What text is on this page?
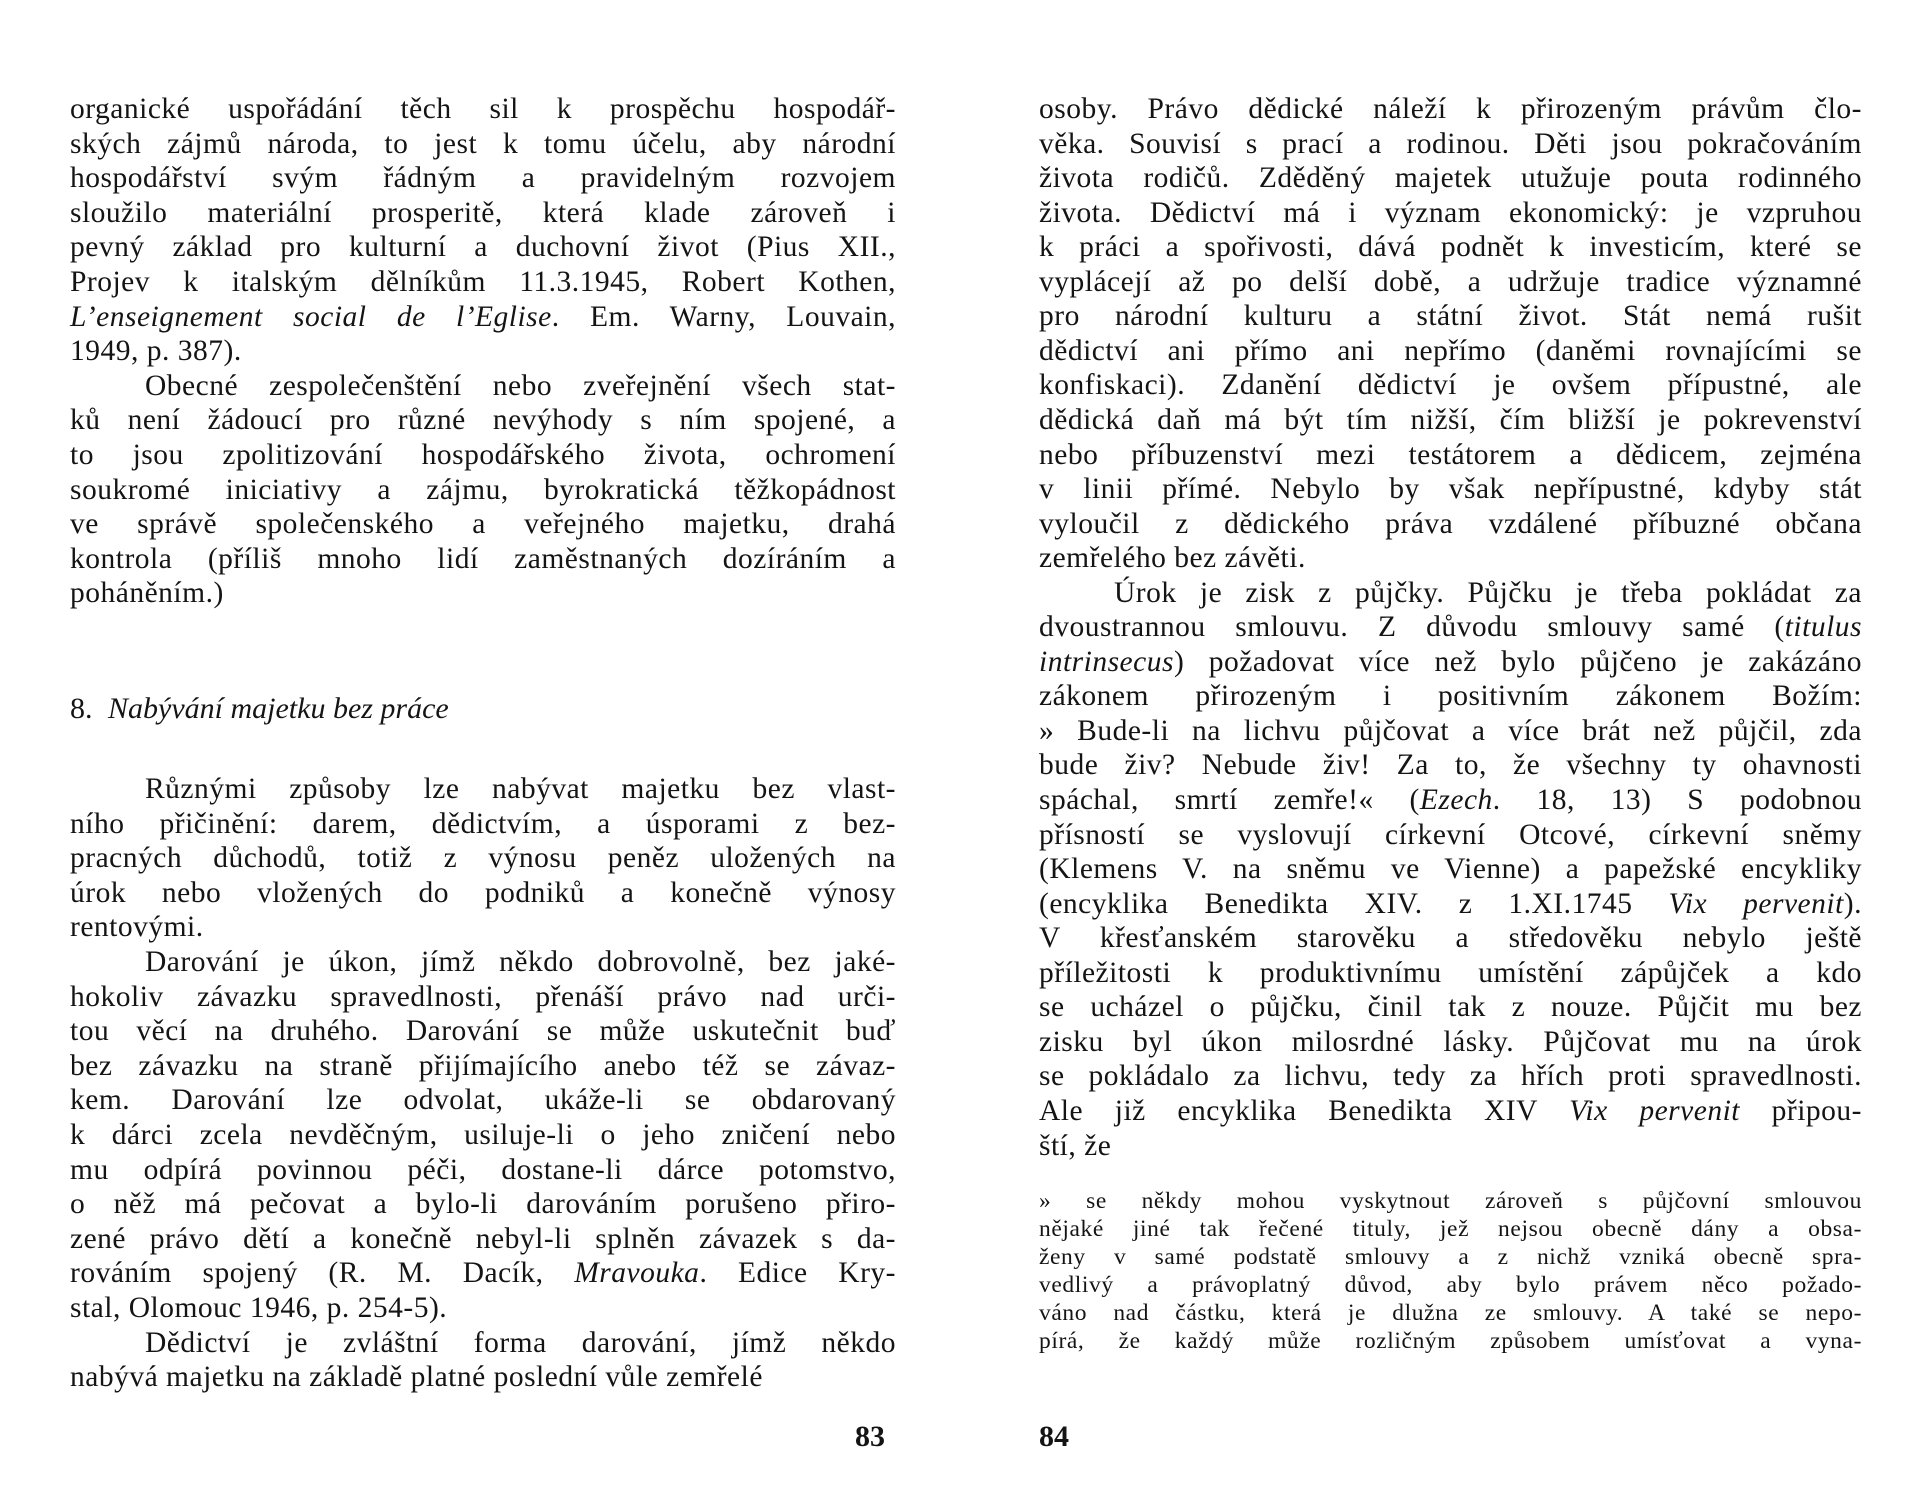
organické uspořádání těch sil k prospěchu hospodář-
ských zájmů národa, to jest k tomu účelu, aby národní
hospodářství svým řádným a pravidelným rozvojem
sloužilo materiální prosperitě, která klade zároveň i
pevný základ pro kulturní a duchovní život (Pius XII.,
Projev k italským dělníkům 11.3.1945, Robert Kothen,
L’enseignement social de l’Eglise. Em. Warny, Louvain,
1949, p. 387).
Obecné zespolečenštění nebo zveřejnění všech stat-
ků není žádoucí pro různé nevýhody s ním spojené, a
to jsou zpolitizování hospodářského života, ochromení
soukromé iniciativy a zájmu, byrokratická těžkopádnost
ve správě společenského a veřejného majetku, drahá
kontrola (příliš mnoho lidí zaměstnaných dozíráním a
poháněním.)
8. Nabývání majetku bez práce
Různými způsoby lze nabývat majetku bez vlast-
ního přičinění: darem, dědictvím, a úsporami z bez-
pracných důchodů, totiž z výnosu peněz uložených na
úrok nebo vložených do podniků a konečně výnosy
rentovými.
Darování je úkon, jímž někdo dobrovolně, bez jaké-
hokoliv závazku spravedlnosti, přenáší právo nad urči-
tou věcí na druhého. Darování se může uskutečnit buď
bez závazku na straně přijímajícího anebo též se závaz-
kem. Darování lze odvolat, ukáže-li se obdarovaný
k dárci zcela nevděčným, usiluje-li o jeho zničení nebo
mu odpírá povinnou péči, dostane-li dárce potomstvo,
o něž má pečovat a bylo-li darováním porušeno přiro-
zené právo dětí a konečně nebyl-li splněn závazek s da-
rováním spojený (R. M. Dacík, Mravouka. Edice Kry-
stal, Olomouc 1946, p. 254-5).
Dědictví je zvláštní forma darování, jímž někdo
nabývá majetku na základě platné poslední vůle zemřelé
83
osoby. Právo dědické náleží k přirozeným právům člo-
věka. Souvisí s prací a rodinou. Děti jsou pokračováním
života rodičů. Zděděný majetek utužuje pouta rodinného
života. Dědictví má i význam ekonomický: je vzpruhou
k práci a spořivosti, dává podnět k investicím, které se
vyplácejí až po delší době, a udržuje tradice významné
pro národní kulturu a státní život. Stát nemá rušit
dědictví ani přímo ani nepřímo (daněmi rovnajícími se
konfiskaci). Zdanění dědictví je ovšem přípustné, ale
dědická daň má být tím nižší, čím bližší je pokrevenství
nebo příbuzenství mezi testátorem a dědicem, zejména
v linii přímé. Nebylo by však nepřípustné, kdyby stát
vyloučil z dědického práva vzdálené příbuzné občana
zemřelého bez závěti.
Úrok je zisk z půjčky. Půjčku je třeba pokládat za
dvoustrannou smlouvu. Z důvodu smlouvy samé (titulus
intrinsecus) požadovat více než bylo půjčeno je zakázáno
zákonem přirozeným i positivním zákonem Božím:
» Bude-li na lichvu půjčovat a více brát než půjčil, zda
bude živ? Nebude živ! Za to, že všechny ty ohavnosti
spáchal, smrtí zemře!« (Ezech. 18, 13) S podobnou
přísností se vyslovují církevní Otcové, církevní sněmy
(Klemens V. na sněmu ve Vienne) a papežské encykliky
(encyklika Benedikta XIV. z 1.XI.1745 Vix pervenit).
V křesťanském starověku a středověku nebylo ještě
příležitosti k produktivnímu umístění zápůjček a kdo
se ucházel o půjčku, činil tak z nouze. Půjčit mu bez
zisku byl úkon milosrdné lásky. Půjčovat mu na úrok
se pokládalo za lichvu, tedy za hřích proti spravedlnosti.
Ale již encyklika Benedikta XIV Vix pervenit připou-
ští, že
» se někdy mohou vyskytnout zároveň s půjčovní smlouvou
nějaké jiné tak řečené tituly, jež nejsou obecně dány a obsa-
ženy v samé podstatě smlouvy a z nichž vzniká obecně spra-
vedlivý a právoplatný důvod, aby bylo právem něco požado-
váno nad částku, která je dlužna ze smlouvy. A také se nepo-
pírá, že každý může rozličným způsobem umísťovat a vyna-
84
